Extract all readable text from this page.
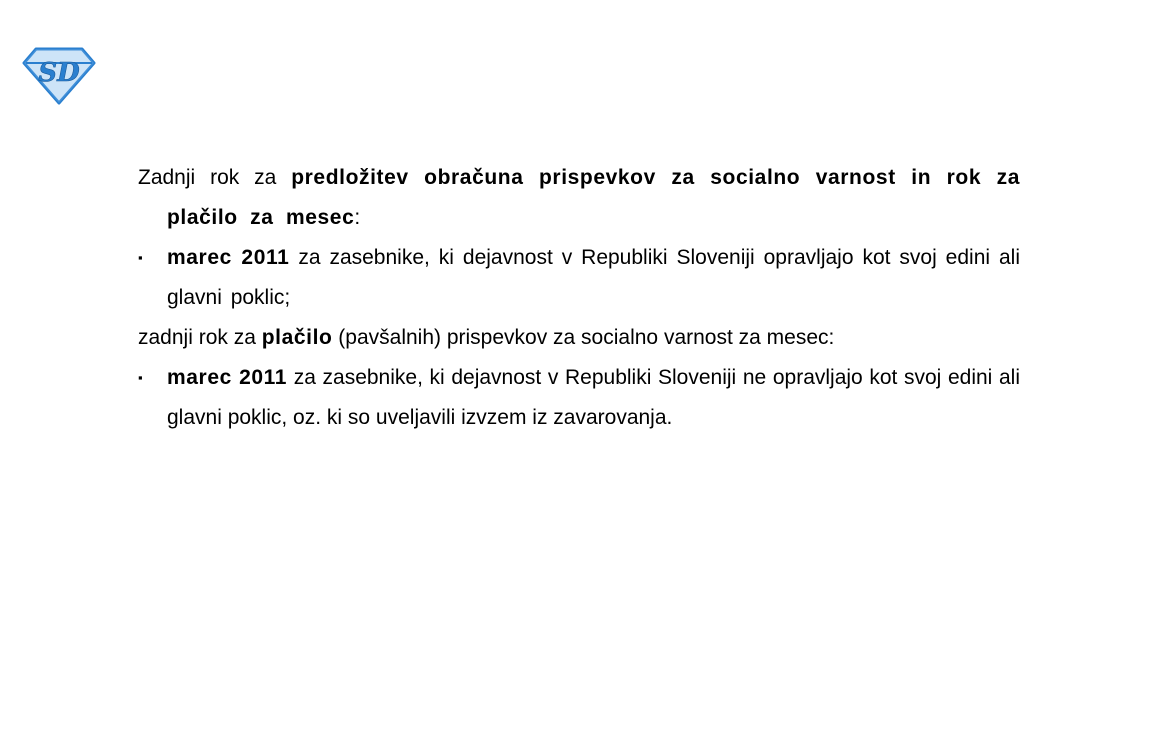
SD

Zadnji rok za predložitev obračuna prispevkov za socialno varnost in rok za plačilo za mesec:

▪ marec 2011 za zasebnike, ki dejavnost v Republiki Sloveniji opravljajo kot svoj edini ali glavni poklic;

zadnji rok za plačilo (pavšalnih) prispevkov za socialno varnost za mesec:

▪ marec 2011 za zasebnike, ki dejavnost v Republiki Sloveniji ne opravljajo kot svoj edini ali glavni poklic, oz. ki so uveljavili izvzem iz zavarovanja.
